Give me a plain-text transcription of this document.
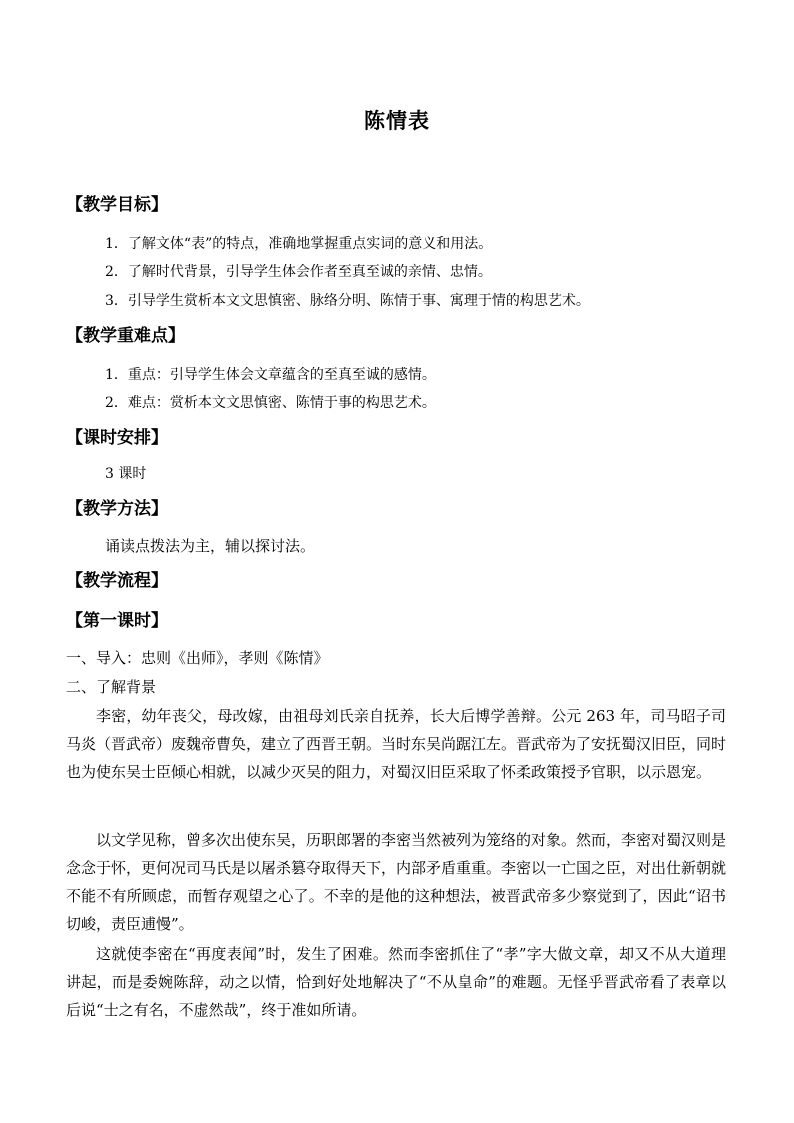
陈情表
【教学目标】
1．了解文体“表”的特点，准确地掌握重点实词的意义和用法。
2．了解时代背景，引导学生体会作者至真至诚的亲情、忠情。
3．引导学生赏析本文文思慎密、脉络分明、陈情于事、寓理于情的构思艺术。
【教学重难点】
1．重点：引导学生体会文章蕴含的至真至诚的感情。
2．难点：赏析本文文思慎密、陈情于事的构思艺术。
【课时安排】
3 课时
【教学方法】
诵读点拨法为主，辅以探讨法。
【教学流程】
【第一课时】
一、导入：忠则《出师》，孝则《陈情》
二、了解背景
李密，幼年丧父，母改嫁，由祖母刘氏亲自抚养，长大后博学善辩。公元 263 年，司马昭子司马炎（晋武帝）废魏帝曹奂，建立了西晋王朝。当时东吴尚踞江左。晋武帝为了安抚蜀汉旧臣，同时也为使东吴士臣倾心相就，以减少灭吴的阻力，对蜀汉旧臣采取了怀柔政策授予官职，以示恩宠。
以文学见称，曾多次出使东吴，历职郎署的李密当然被列为笼络的对象。然而，李密对蜀汉则是念念于怀，更何况司马氏是以屠杀篡夺取得天下，内部矛盾重重。李密以一亡国之臣，对出仕新朝就不能不有所顾虑，而暂存观望之心了。不幸的是他的这种想法，被晋武帝多少察觉到了，因此“诏书切峻，责臣逋慢”。
这就使李密在“再度表闻”时，发生了困难。然而李密抓住了“孝”字大做文章，却又不从大道理讲起，而是委婉陈辞，动之以情，恰到好处地解决了“不从皇命”的难题。无怪乎晋武帝看了表章以后说“士之有名，不虚然哉”，终于准如所请。
